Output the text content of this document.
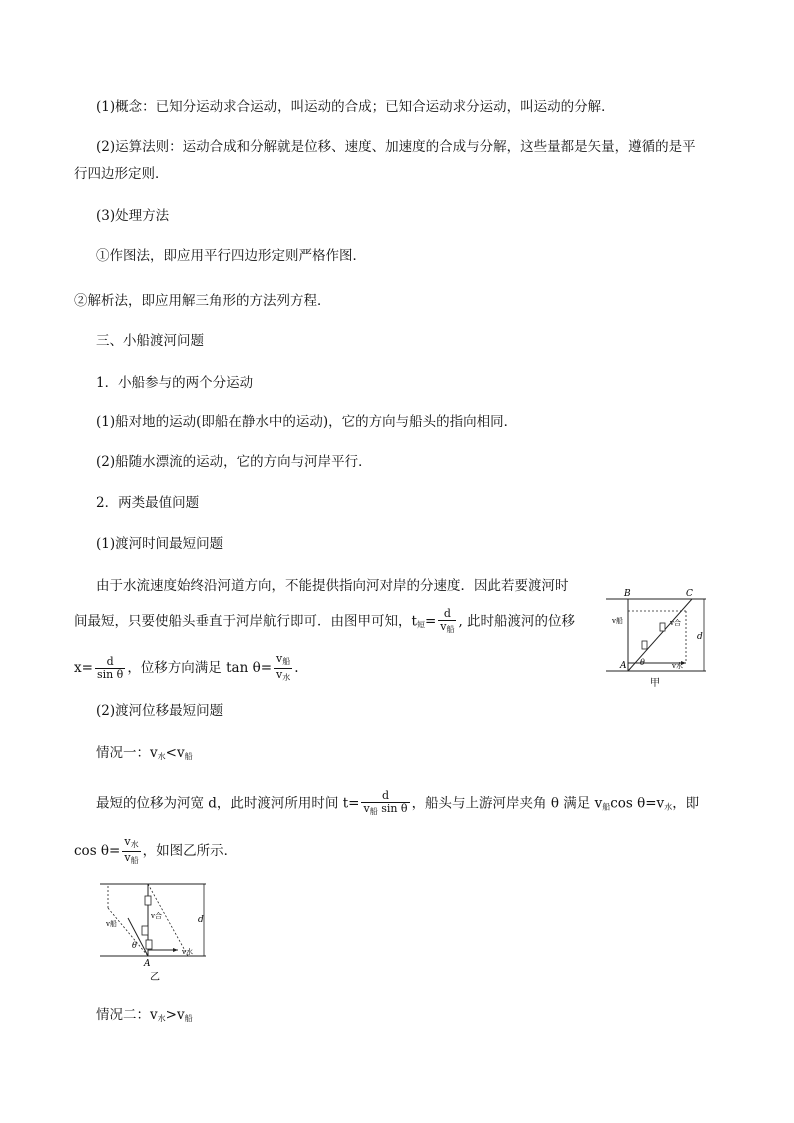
(1)概念：已知分运动求合运动，叫运动的合成；已知合运动求分运动，叫运动的分解．
(2)运算法则：运动合成和分解就是位移、速度、加速度的合成与分解，这些量都是矢量，遵循的是平
行四边形定则．
(3)处理方法
①作图法，即应用平行四边形定则严格作图．
②解析法，即应用解三角形的方法列方程．
三、小船渡河问题
1．小船参与的两个分运动
(1)船对地的运动(即船在静水中的运动)，它的方向与船头的指向相同．
(2)船随水漂流的运动，它的方向与河岸平行．
2．两类最值问题
(1)渡河时间最短问题
由于水流速度始终沿河道方向，不能提供指向河对岸的分速度．因此若要渡河时
间最短，只要使船头垂直于河岸航行即可．由图甲可知，$t_短= \frac{d}{v_船}$ , 此时船渡河的位移
$x= \frac{d}{\text{sin θ}}$ ，位移方向满足 $\tan \theta= \frac{v_船}{v_水}$ .
B	C
A
v船	v合
v水
θ
d
甲
(2)渡河位移最短问题
情况一：$v_水<v_船$
最短的位移为河宽 d，此时渡河所用时间 $t= \frac{d}{v_船 \sin \theta}$ ，船头与上游河岸夹角 θ 满足 $v_船\cos$ $\theta=v_水$，即
$\cos \theta= \frac{v_水}{v_船}$ ，如图乙所示．
v合
v船
v水
θ
d
A
乙
情况二：$v_水>v_船$
